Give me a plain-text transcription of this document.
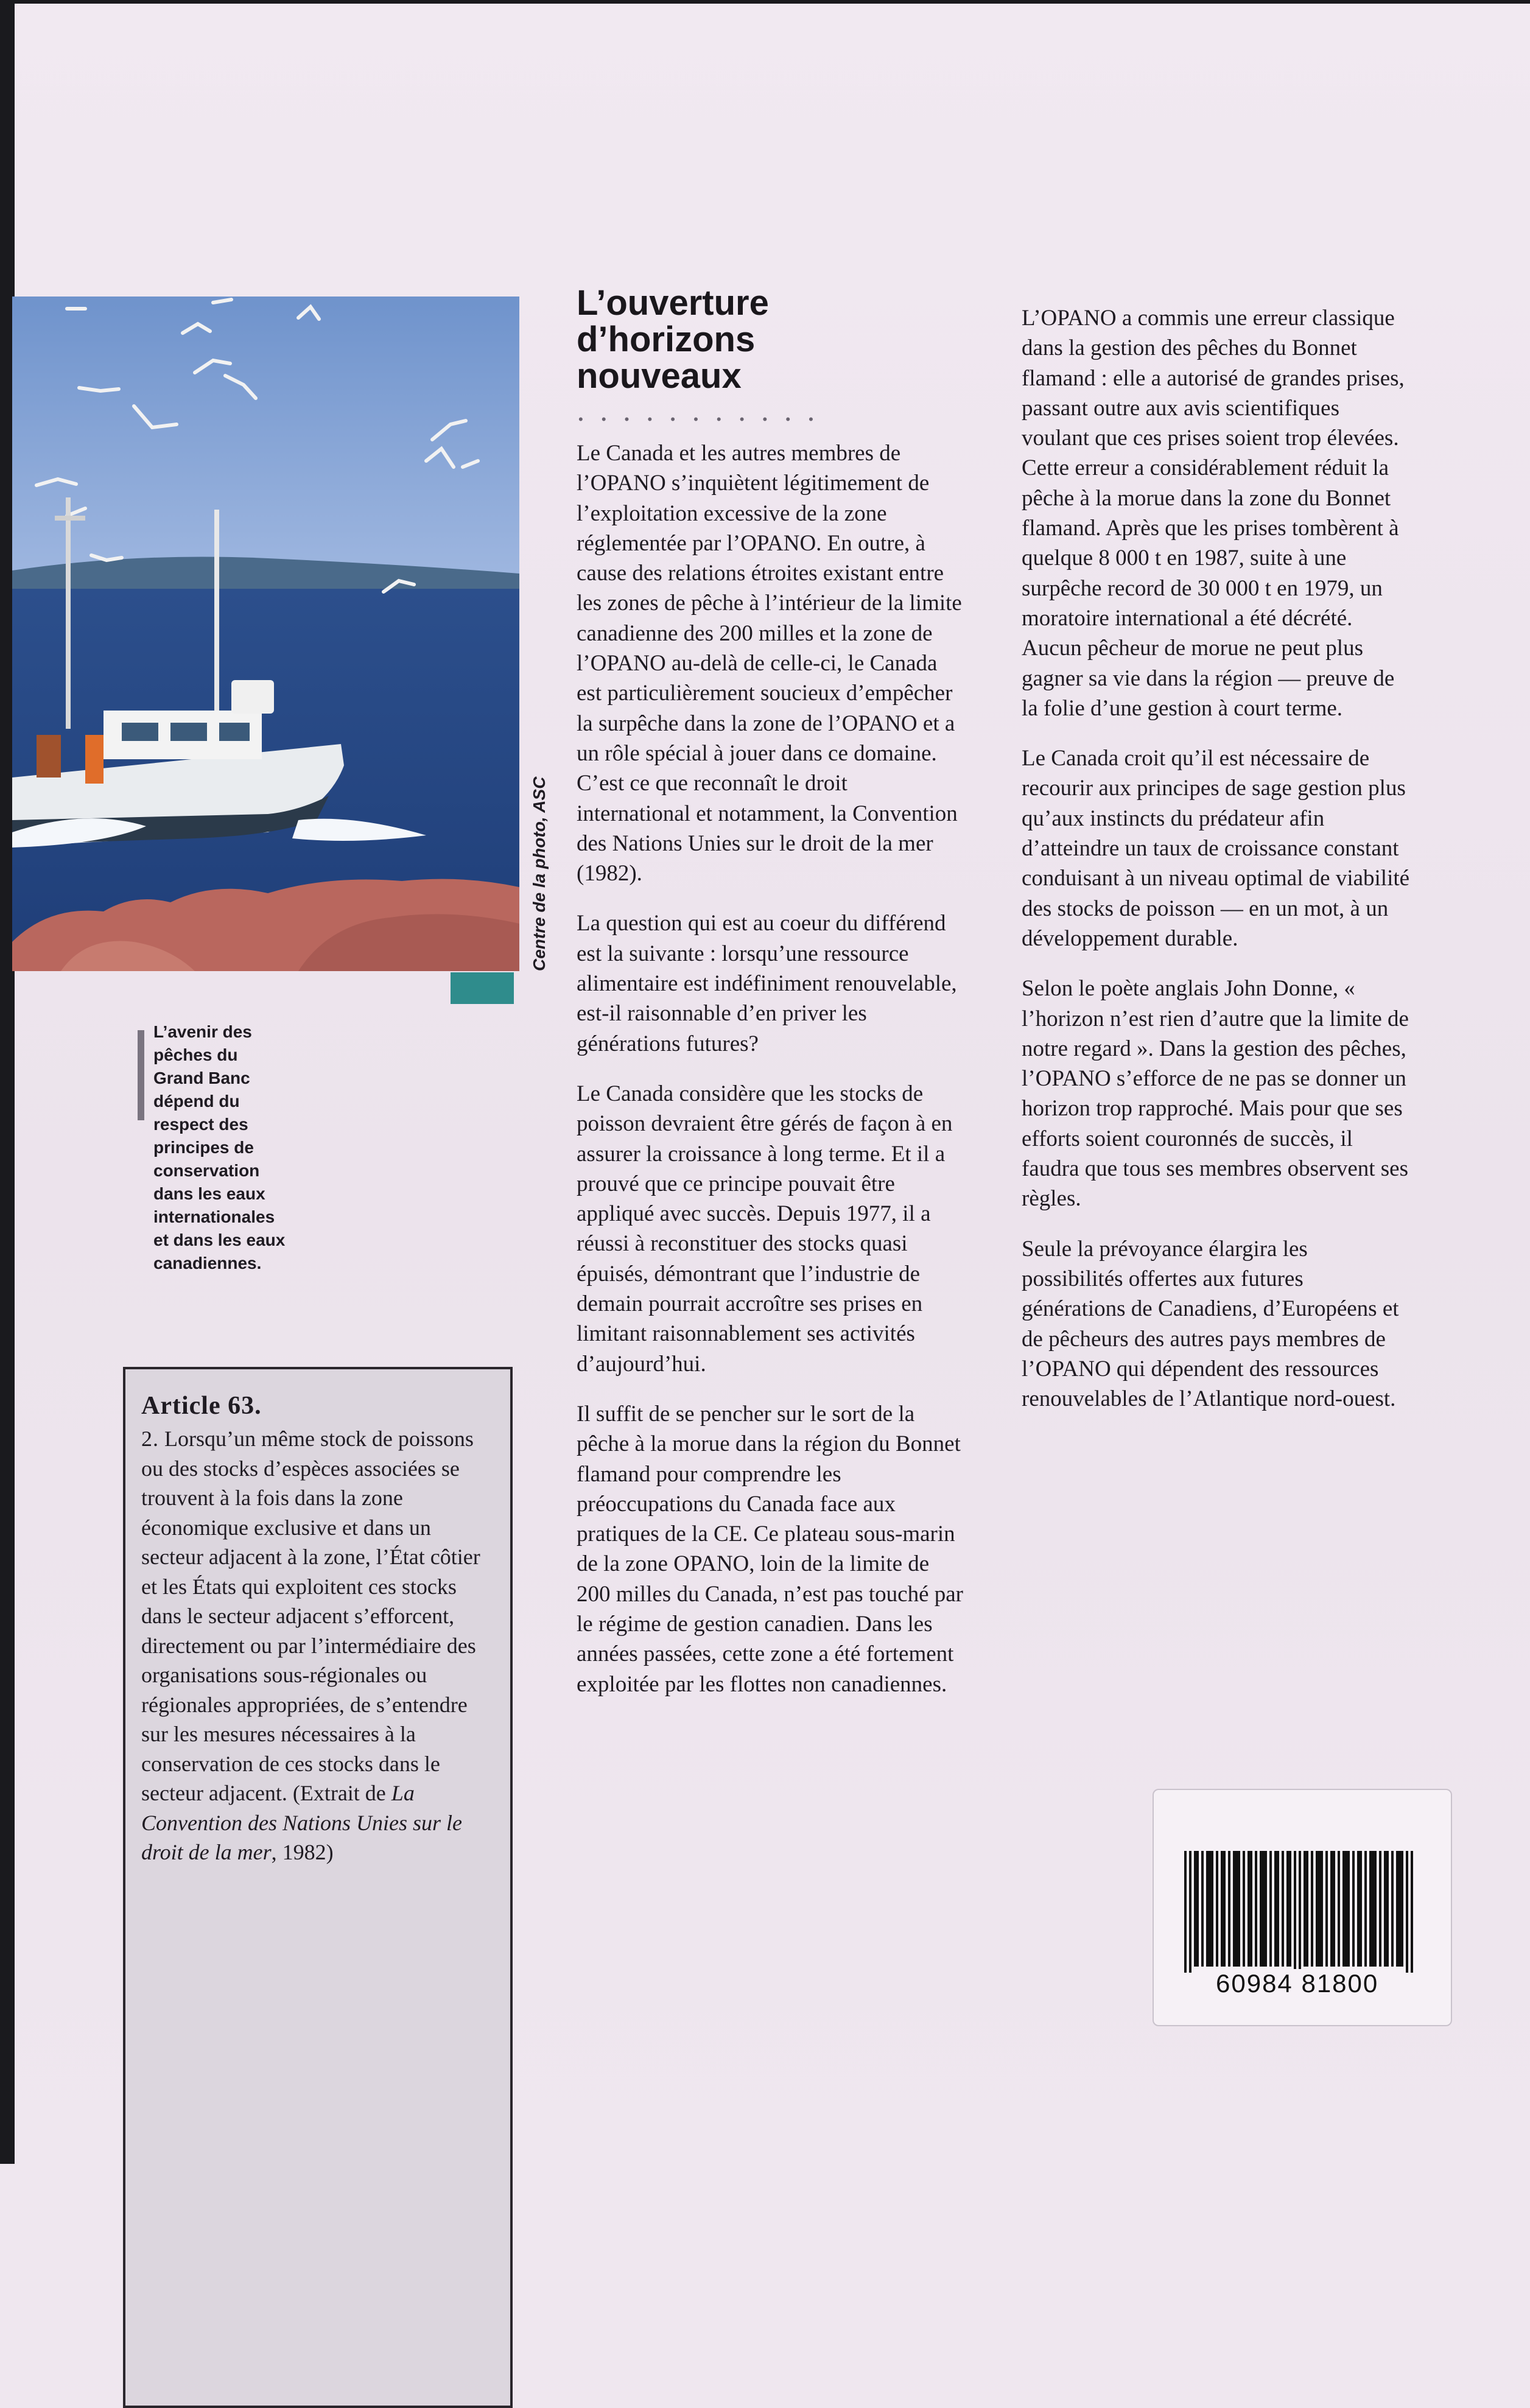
Centre de la photo, ASC
L’avenir des
pêches du
Grand Banc
dépend du
respect des
principes de
conservation
dans les eaux
internationales
et dans les eaux
canadiennes.
Article 63.
2. Lorsqu’un même stock de poissons ou des stocks d’espèces associées se trouvent à la fois dans la zone économique exclusive et dans un secteur adjacent à la zone, l’État côtier et les États qui exploitent ces stocks dans le secteur adjacent s’efforcent, directement ou par l’intermédiaire des organisations sous-régionales ou régionales appropriées, de s’entendre sur les mesures nécessaires à la conservation de ces stocks dans le secteur adjacent. (Extrait de La Convention des Nations Unies sur le droit de la mer, 1982)
L’ouverture d’horizons nouveaux
• • • • • • • • • • •

Le Canada et les autres membres de l’OPANO s’inquiètent légitimement de l’exploitation excessive de la zone réglementée par l’OPANO. En outre, à cause des relations étroites existant entre les zones de pêche à l’intérieur de la limite canadienne des 200 milles et la zone de l’OPANO au-delà de celle-ci, le Canada est particulièrement soucieux d’empêcher la surpêche dans la zone de l’OPANO et a un rôle spécial à jouer dans ce domaine. C’est ce que reconnaît le droit international et notamment, la Convention des Nations Unies sur le droit de la mer (1982).

La question qui est au coeur du différend est la suivante : lorsqu’une ressource alimentaire est indéfiniment renouvelable, est-il raisonnable d’en priver les générations futures?

Le Canada considère que les stocks de poisson devraient être gérés de façon à en assurer la croissance à long terme. Et il a prouvé que ce principe pouvait être appliqué avec succès. Depuis 1977, il a réussi à reconstituer des stocks quasi épuisés, démontrant que l’industrie de demain pourrait accroître ses prises en limitant raisonnablement ses activités d’aujourd’hui.

Il suffit de se pencher sur le sort de la pêche à la morue dans la région du Bonnet flamand pour comprendre les préoccupations du Canada face aux pratiques de la CE. Ce plateau sous-marin de la zone OPANO, loin de la limite de 200 milles du Canada, n’est pas touché par le régime de gestion canadien. Dans les années passées, cette zone a été fortement exploitée par les flottes non canadiennes.

L’OPANO a commis une erreur classique dans la gestion des pêches du Bonnet flamand : elle a autorisé de grandes prises, passant outre aux avis scientifiques voulant que ces prises soient trop élevées. Cette erreur a considérablement réduit la pêche à la morue dans la zone du Bonnet flamand. Après que les prises tombèrent à quelque 8 000 t en 1987, suite à une surpêche record de 30 000 t en 1979, un moratoire international a été décrété. Aucun pêcheur de morue ne peut plus gagner sa vie dans la région — preuve de la folie d’une gestion à court terme.

Le Canada croit qu’il est nécessaire de recourir aux principes de sage gestion plus qu’aux instincts du prédateur afin d’atteindre un taux de croissance constant conduisant à un niveau optimal de viabilité des stocks de poisson — en un mot, à un développement durable.

Selon le poète anglais John Donne, « l’horizon n’est rien d’autre que la limite de notre regard ». Dans la gestion des pêches, l’OPANO s’efforce de ne pas se donner un horizon trop rapproché. Mais pour que ses efforts soient couronnés de succès, il faudra que tous ses membres observent ses règles.

Seule la prévoyance élargira les possibilités offertes aux futures générations de Canadiens, d’Européens et de pêcheurs des autres pays membres de l’OPANO qui dépendent des ressources renouvelables de l’Atlantique nord-ouest.

60984 81800
